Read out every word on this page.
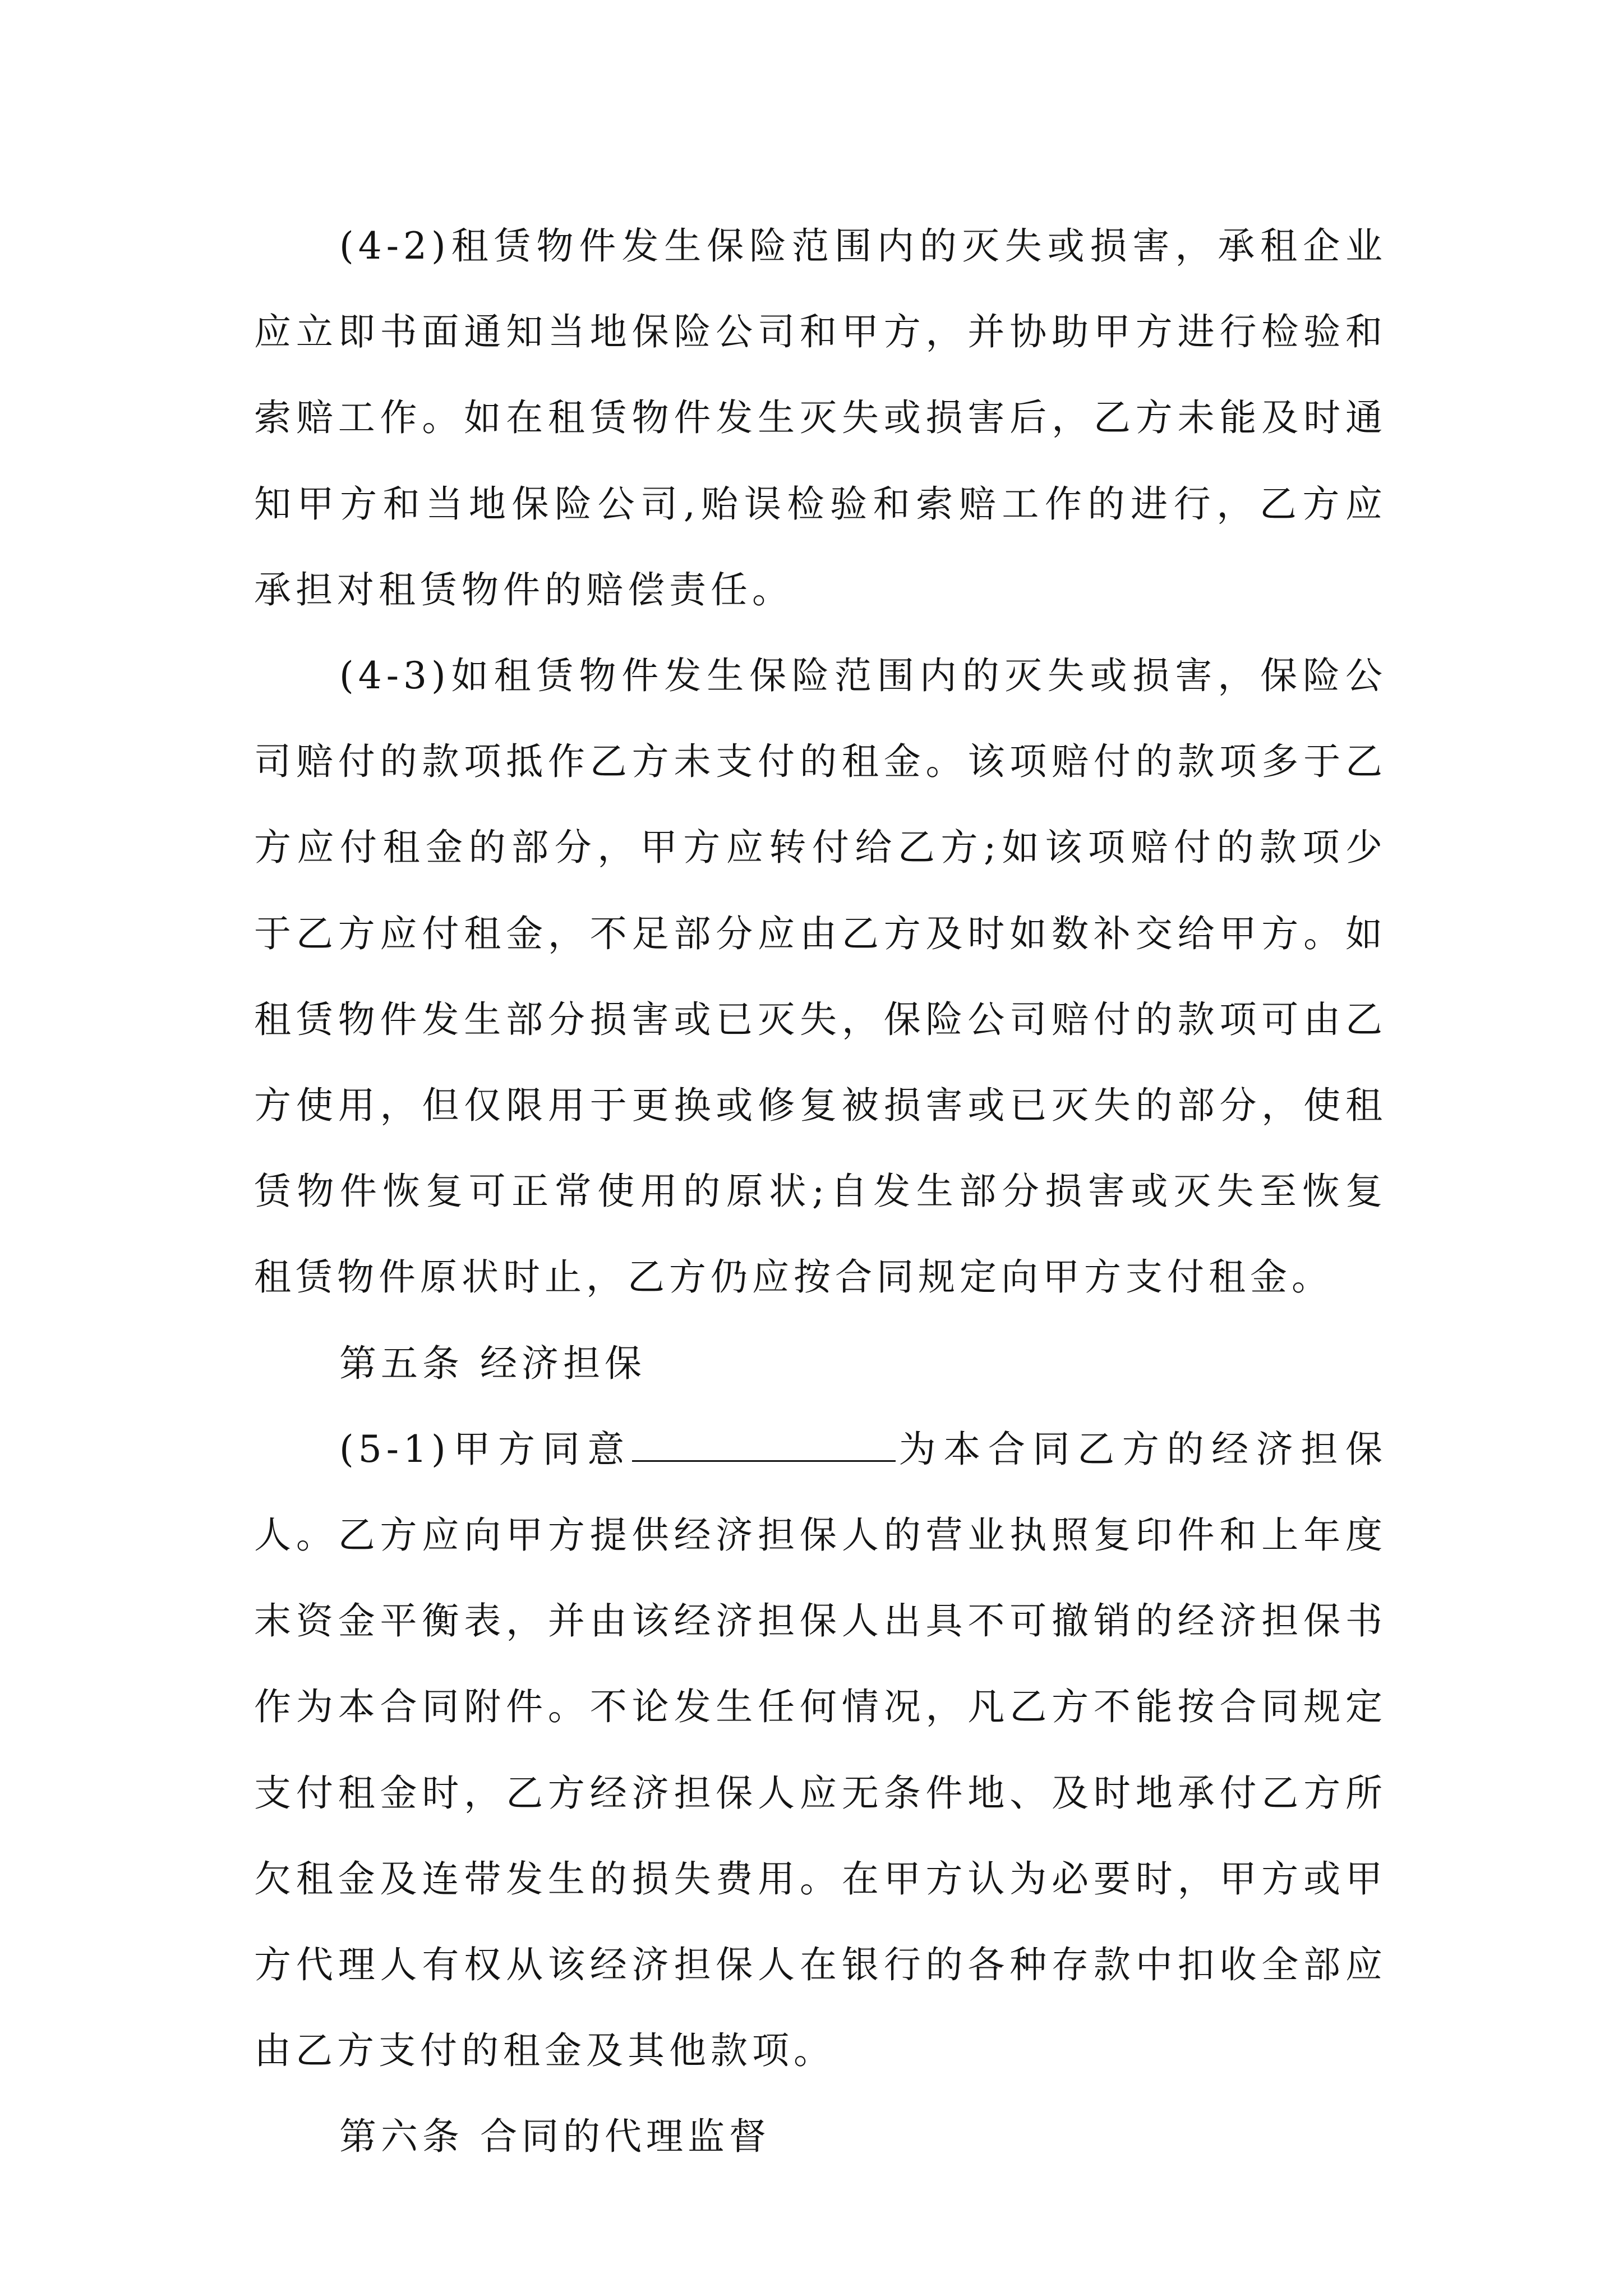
(4-2)租赁物件发生保险范围内的灭失或损害，承租企业应立即书面通知当地保险公司和甲方，并协助甲方进行检验和索赔工作。如在租赁物件发生灭失或损害后，乙方未能及时通知甲方和当地保险公司,贻误检验和索赔工作的进行，乙方应承担对租赁物件的赔偿责任。

(4-3)如租赁物件发生保险范围内的灭失或损害，保险公司赔付的款项抵作乙方未支付的租金。该项赔付的款项多于乙方应付租金的部分，甲方应转付给乙方;如该项赔付的款项少于乙方应付租金，不足部分应由乙方及时如数补交给甲方。如租赁物件发生部分损害或已灭失，保险公司赔付的款项可由乙方使用，但仅限用于更换或修复被损害或已灭失的部分，使租赁物件恢复可正常使用的原状;自发生部分损害或灭失至恢复租赁物件原状时止，乙方仍应按合同规定向甲方支付租金。

第五条 经济担保

(5-1)甲方同意	为本合同乙方的经济担保人。乙方应向甲方提供经济担保人的营业执照复印件和上年度末资金平衡表，并由该经济担保人出具不可撤销的经济担保书作为本合同附件。不论发生任何情况，凡乙方不能按合同规定支付租金时，乙方经济担保人应无条件地、及时地承付乙方所欠租金及连带发生的损失费用。在甲方认为必要时，甲方或甲方代理人有权从该经济担保人在银行的各种存款中扣收全部应由乙方支付的租金及其他款项。

第六条 合同的代理监督
